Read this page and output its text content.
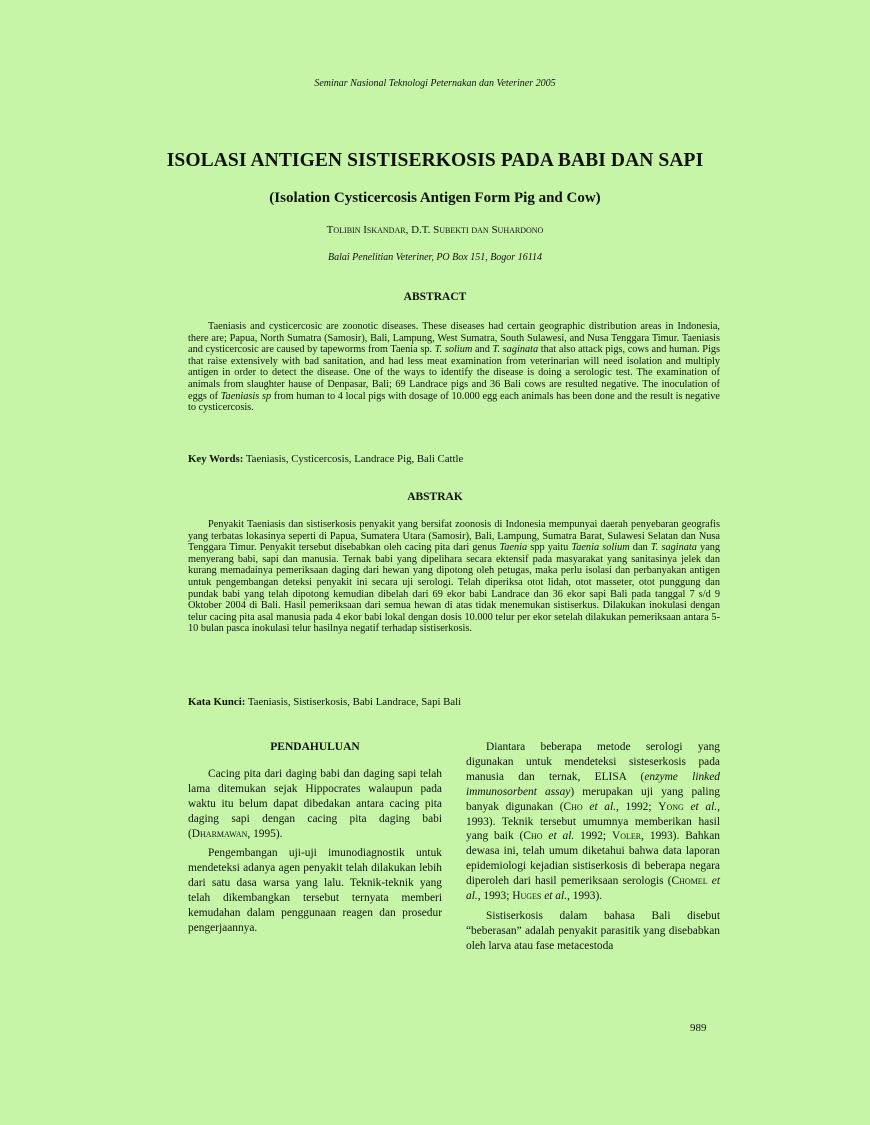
Seminar Nasional Teknologi Peternakan dan Veteriner 2005
ISOLASI ANTIGEN SISTISERKOSIS PADA BABI DAN SAPI
(Isolation Cysticercosis Antigen Form Pig and Cow)
Tolibin Iskandar, D.T. Subekti dan Suhardono
Balai Penelitian Veteriner, PO Box 151, Bogor 16114
ABSTRACT

Taeniasis and cysticercosic are zoonotic diseases. These diseases had certain geographic distribution areas in Indonesia, there are; Papua, North Sumatra (Samosir), Bali, Lampung, West Sumatra, South Sulawesi, and Nusa Tenggara Timur. Taeniasis and cysticercosic are caused by tapeworms from Taenia sp. T. solium and T. saginata that also attack pigs, cows and human. Pigs that raise extensively with bad sanitation, and had less meat examination from veterinarian will need isolation and multiply antigen in order to detect the disease. One of the ways to identify the disease is doing a serologic test. The examination of animals from slaughter hause of Denpasar, Bali; 69 Landrace pigs and 36 Bali cows are resulted negative. The inoculation of eggs of Taeniasis sp from human to 4 local pigs with dosage of 10.000 egg each animals has been done and the result is negative to cysticercosis.

Key Words: Taeniasis, Cysticercosis, Landrace Pig, Bali Cattle
ABSTRAK

Penyakit Taeniasis dan sistiserkosis penyakit yang bersifat zoonosis di Indonesia mempunyai daerah penyebaran geografis yang terbatas lokasinya seperti di Papua, Sumatera Utara (Samosir), Bali, Lampung, Sumatra Barat, Sulawesi Selatan dan Nusa Tenggara Timur. Penyakit tersebut disebabkan oleh cacing pita dari genus Taenia spp yaitu Taenia solium dan T. saginata yang menyerang babi, sapi dan manusia. Ternak babi yang dipelihara secara ektensif pada masyarakat yang sanitasinya jelek dan kurang memadainya pemeriksaan daging dari hewan yang dipotong oleh petugas, maka perlu isolasi dan perbanyakan antigen untuk pengembangan deteksi penyakit ini secara uji serologi. Telah diperiksa otot lidah, otot masseter, otot punggung dan pundak babi yang telah dipotong kemudian dibelah dari 69 ekor babi Landrace dan 36 ekor sapi Bali pada tanggal 7 s/d 9 Oktober 2004 di Bali. Hasil pemeriksaan dari semua hewan di atas tidak menemukan sistiserkus. Dilakukan inokulasi dengan telur cacing pita asal manusia pada 4 ekor babi lokal dengan dosis 10.000 telur per ekor setelah dilakukan pemeriksaan antara 5-10 bulan pasca inokulasi telur hasilnya negatif terhadap sistiserkosis.

Kata Kunci: Taeniasis, Sistiserkosis, Babi Landrace, Sapi Bali
PENDAHULUAN

Cacing pita dari daging babi dan daging sapi telah lama ditemukan sejak Hippocrates walaupun pada waktu itu belum dapat dibedakan antara cacing pita daging sapi dengan cacing pita daging babi (Dharmawan, 1995).

Pengembangan uji-uji imunodiagnostik untuk mendeteksi adanya agen penyakit telah dilakukan lebih dari satu dasa warsa yang lalu. Teknik-teknik yang telah dikembangkan tersebut ternyata memberi kemudahan dalam penggunaan reagen dan prosedur pengerjaannya.

Diantara beberapa metode serologi yang digunakan untuk mendeteksi sisteserkosis pada manusia dan ternak, ELISA (enzyme linked immunosorbent assay) merupakan uji yang paling banyak digunakan (Cho et al., 1992; Yong et al., 1993). Teknik tersebut umumnya memberikan hasil yang baik (Cho et al. 1992; Voler, 1993). Bahkan dewasa ini, telah umum diketahui bahwa data laporan epidemiologi kejadian sistiserkosis di beberapa negara diperoleh dari hasil pemeriksaan serologis (Chomel et al., 1993; Huges et al., 1993).

Sistiserkosis dalam bahasa Bali disebut “beberasan” adalah penyakit parasitik yang disebabkan oleh larva atau fase metacestoda

989
